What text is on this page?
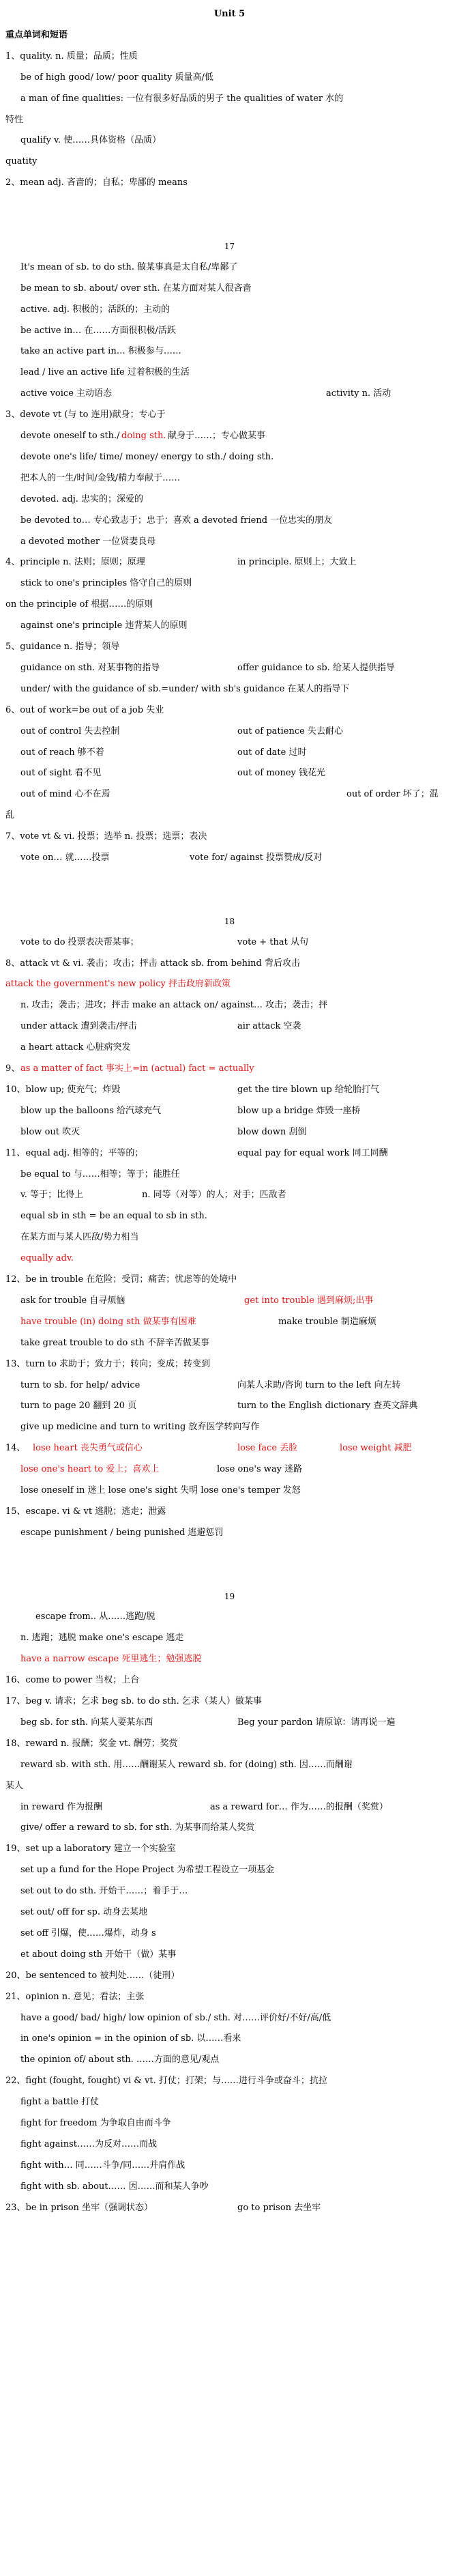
Unit 5
重点单词和短语
1、quality. n. 质量；品质；性质
be of high good/ low/ poor quality 质量高/低
a man of fine qualities: 一位有很多好品质的男子 the qualities of water 水的
特性
qualify v. 使……具体资格（品质）
quatity
2、mean adj. 吝啬的；自私；卑鄙的 means
17
It's mean of sb. to do sth. 做某事真是太自私/卑鄙了
be mean to sb. about/ over sth. 在某方面对某人很吝啬
active. adj. 积极的；活跃的；主动的
be active in… 在……方面很积极/活跃
take an active part in… 积极参与……
lead / live an active life 过着积极的生活
active voice 主动语态	activity n. 活动
3、devote vt (与 to 连用)献身；专心于
devote oneself to sth./ doing sth. 献身于……；专心做某事
devote one's life/ time/ money/ energy to sth./ doing sth.
把本人的一生/时间/金钱/精力奉献于……
devoted. adj. 忠实的；深爱的
be devoted to… 专心致志于；忠于；喜欢 a devoted friend 一位忠实的朋友
a devoted mother 一位贤妻良母
4、principle n. 法则；原则；原理	in principle. 原则上；大致上
stick to one's principles 恪守自己的原则
on the principle of 根据……的原则
against one's principle 违背某人的原则
5、guidance n. 指导；领导
guidance on sth. 对某事物的指导	offer guidance to sb. 给某人提供指导
under/ with the guidance of sb.=under/ with sb's guidance 在某人的指导下
6、out of work=be out of a job 失业
out of control 失去控制	out of patience 失去耐心
out of reach 够不着	out of date 过时
out of sight 看不见	out of money 钱花光
out of mind 心不在焉	out of order 坏了；混
乱
7、vote vt & vi. 投票；选举 n. 投票；选票；表决
vote on… 就……投票	vote for/ against 投票赞成/反对
18
vote to do 投票表决帮某事；	vote + that 从句
8、attack vt & vi. 袭击；攻击；抨击 attack sb. from behind 背后攻击
attack the government's new policy 抨击政府新政策
n. 攻击；袭击；进攻；抨击 make an attack on/ against… 攻击；袭击；抨
under attack 遭到袭击/抨击	air attack 空袭
a heart attack 心脏病突发
9、 as a matter of fact 事实上=in (actual) fact = actually
10、blow up; 使充气；炸毁	get the tire blown up 给轮胎打气
blow up the balloons 给汽球充气	blow up a bridge 炸毁一座桥
blow out 吹灭	blow down 刮倒
11、equal adj. 相等的；平等的；	equal pay for equal work 同工同酬
be equal to 与……相等；等于；能胜任
v. 等于；比得上	n. 同等（对等）的人；对手；匹敌者
equal sb in sth = be an equal to sb in sth.
在某方面与某人匹敌/势力相当
equally adv.
12、be in trouble 在危险；受罚；痛苦；忧虑等的处境中
ask for trouble 自寻烦恼	get into trouble 遇到麻烦;出事
have trouble (in) doing sth 做某事有困难	make trouble 制造麻烦
take great trouble to do sth 不辞辛苦做某事
13、turn to 求助于；致力于；转向；变成；转变到
turn to sb. for help/ advice	向某人求助/咨询 turn to the left 向左转
turn to page 20 翻到 20 页	turn to the English dictionary 查英文辞典
give up medicine and turn to writing 放弃医学转向写作
14、 lose heart 丧失勇气或信心	lose face 丢脸	lose weight 减肥
lose one's heart to 爱上；喜欢上	lose one's way 迷路
lose oneself in 迷上 lose one's sight 失明 lose one's temper 发怒
15、escape. vi & vt 逃脱；逃走；泄露
escape punishment / being punished 逃避惩罚
19
escape from.. 从……逃跑/脱
n. 逃跑；逃脱 make one's escape 逃走
have a narrow escape 死里逃生；勉强逃脱
16、come to power 当权；上台
17、beg v. 请求；乞求 beg sb. to do sth. 乞求（某人）做某事
beg sb. for sth. 向某人要某东西	Beg your pardon 请原谅：请再说一遍
18、reward n. 报酬；奖金 vt. 酬劳；奖赏
reward sb. with sth. 用……酬谢某人 reward sb. for (doing) sth. 因……而酬谢
某人
in reward 作为报酬	as a reward for… 作为……的报酬（奖赏）
give/ offer a reward to sb. for sth. 为某事而给某人奖赏
19、set up a laboratory 建立一个实验室
set up a fund for the Hope Project 为希望工程设立一项基金
set out to do sth. 开始干……；着手于…
set out/ off for sp. 动身去某地
set off 引爆，使……爆炸，动身 s
et about doing sth 开始干（做）某事
20、be sentenced to 被判处……（徒刑）
21、opinion n. 意见；看法；主张
have a good/ bad/ high/ low opinion of sb./ sth. 对……评价好/不好/高/低
in one's opinion = in the opinion of sb. 以……看来
the opinion of/ about sth. ……方面的意见/观点
22、fight (fought, fought) vi & vt. 打仗；打架；与……进行斗争或奋斗；抗拉
fight a battle 打仗
fight for freedom 为争取自由而斗争
fight against……为反对……而战
fight with… 同……斗争/同……并肩作战
fight with sb. about…… 因……而和某人争吵
23、be in prison 坐牢（强调状态）	go to prison 去坐牢
